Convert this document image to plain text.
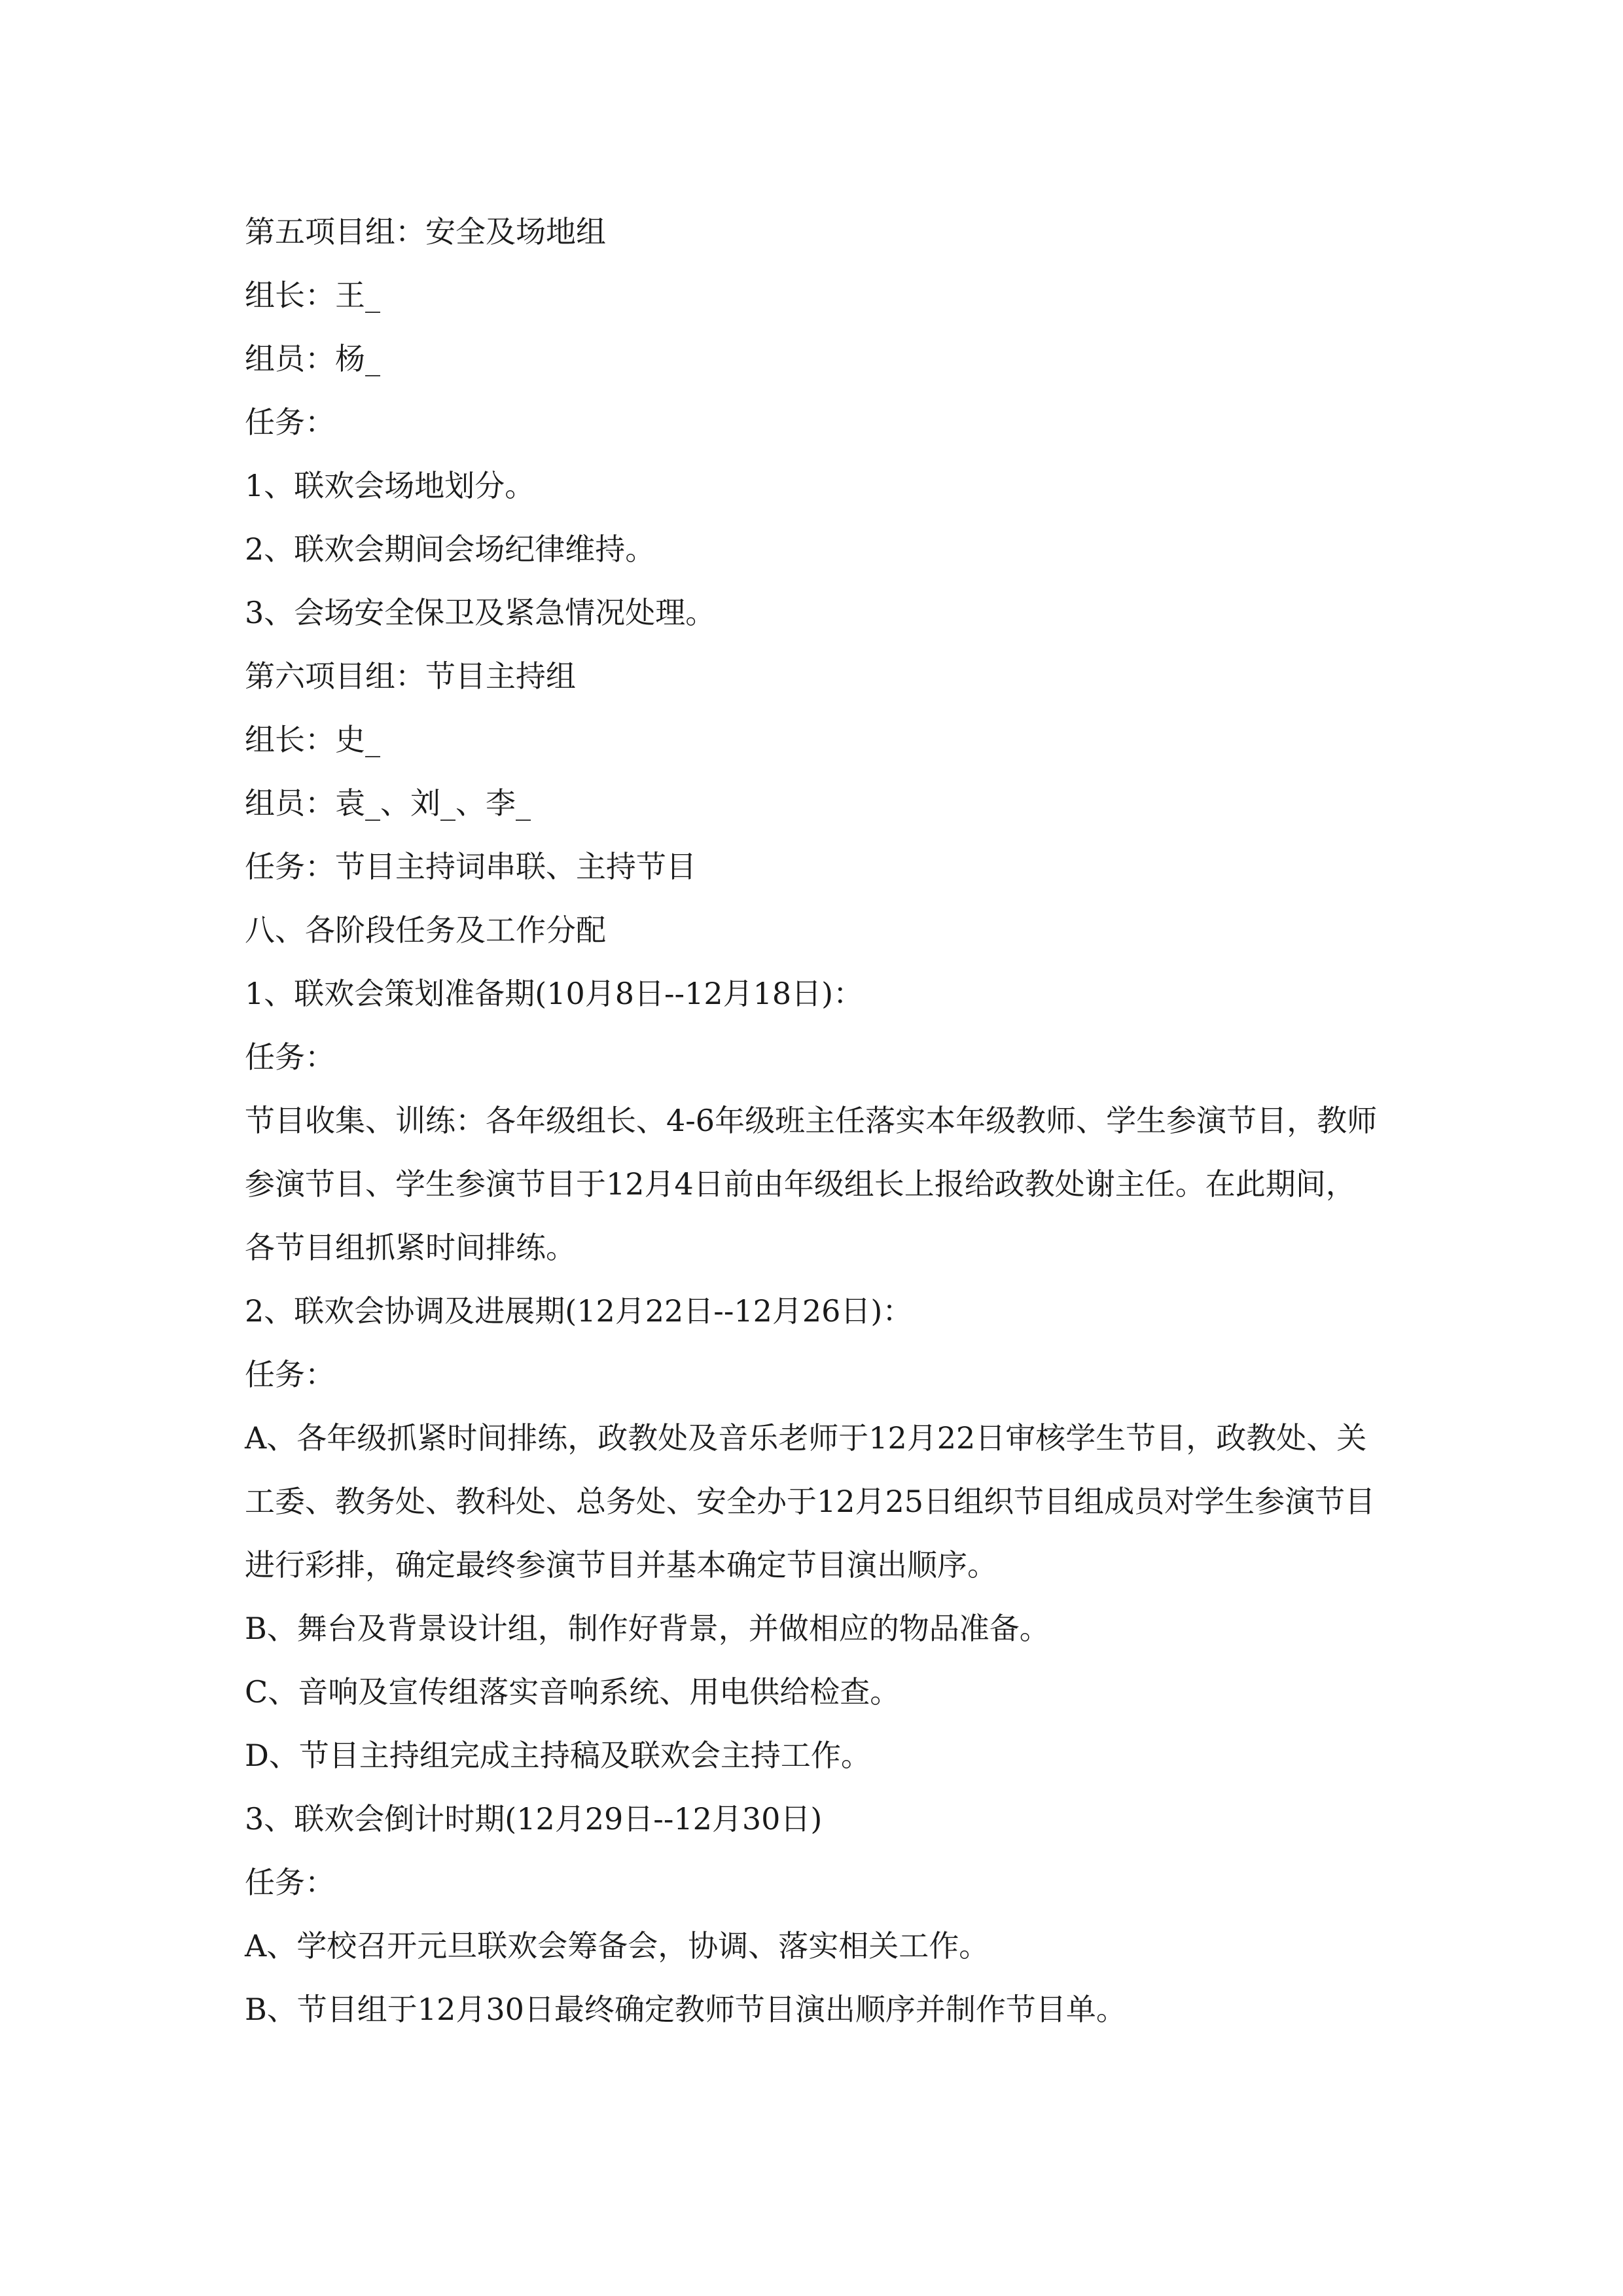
第五项目组：安全及场地组

组长：王_

组员：杨_

任务：

1、联欢会场地划分。

2、联欢会期间会场纪律维持。

3、会场安全保卫及紧急情况处理。

第六项目组：节目主持组

组长：史_

组员：袁_、刘_、李_

任务：节目主持词串联、主持节目

八、各阶段任务及工作分配

1、联欢会策划准备期(10月8日--12月18日)：

任务：

节目收集、训练：各年级组长、4-6年级班主任落实本年级教师、学生参演节目，教师参演节目、学生参演节目于12月4日前由年级组长上报给政教处谢主任。在此期间，各节目组抓紧时间排练。

2、联欢会协调及进展期(12月22日--12月26日)：

任务：

A、各年级抓紧时间排练，政教处及音乐老师于12月22日审核学生节目，政教处、关工委、教务处、教科处、总务处、安全办于12月25日组织节目组成员对学生参演节目进行彩排，确定最终参演节目并基本确定节目演出顺序。

B、舞台及背景设计组，制作好背景，并做相应的物品准备。

C、音响及宣传组落实音响系统、用电供给检查。

D、节目主持组完成主持稿及联欢会主持工作。

3、联欢会倒计时期(12月29日--12月30日)

任务：

A、学校召开元旦联欢会筹备会，协调、落实相关工作。

B、节目组于12月30日最终确定教师节目演出顺序并制作节目单。
